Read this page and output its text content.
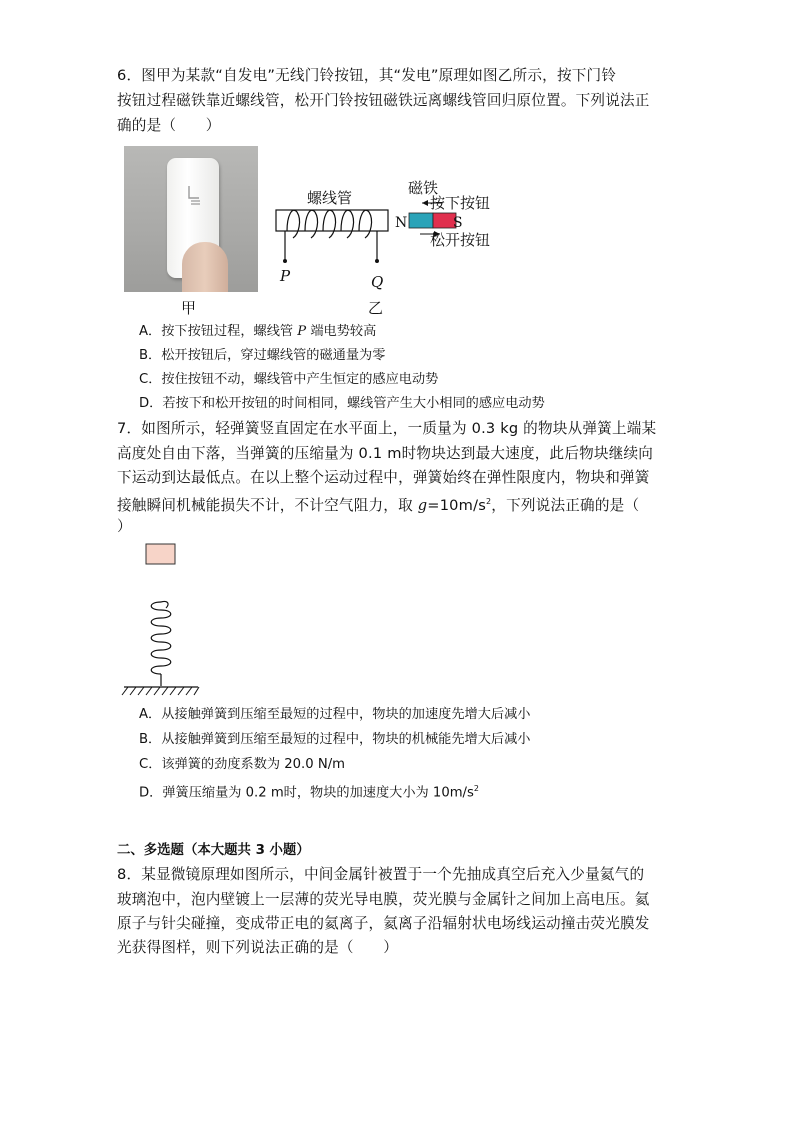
6．图甲为某款“自发电”无线门铃按钮，其“发电”原理如图乙所示，按下门铃
按钮过程磁铁靠近螺线管，松开门铃按钮磁铁远离螺线管回归原位置。下列说法正
确的是（　　）
甲
螺线管
磁铁
P	Q
N	S
按下按钮
松开按钮
乙
A．按下按钮过程，螺线管 P 端电势较高
B．松开按钮后，穿过螺线管的磁通量为零
C．按住按钮不动，螺线管中产生恒定的感应电动势
D．若按下和松开按钮的时间相同，螺线管产生大小相同的感应电动势
7．如图所示，轻弹簧竖直固定在水平面上，一质量为 0.3 kg 的物块从弹簧上端某
高度处自由下落，当弹簧的压缩量为 0.1 m时物块达到最大速度，此后物块继续向
下运动到达最低点。在以上整个运动过程中，弹簧始终在弹性限度内，物块和弹簧
接触瞬间机械能损失不计，不计空气阻力，取 $g=10m/s^2$，下列说法正确的是（
）
A．从接触弹簧到压缩至最短的过程中，物块的加速度先增大后减小
B．从接触弹簧到压缩至最短的过程中，物块的机械能先增大后减小
C．该弹簧的劲度系数为 20.0 N/m
D．弹簧压缩量为 0.2 m时，物块的加速度大小为 $10m/s^2$
二、多选题（本大题共 3 小题）
8．某显微镜原理如图所示，中间金属针被置于一个先抽成真空后充入少量氦气的
玻璃泡中，泡内壁镀上一层薄的荧光导电膜，荧光膜与金属针之间加上高电压。氦
原子与针尖碰撞，变成带正电的氦离子，氦离子沿辐射状电场线运动撞击荧光膜发
光获得图样，则下列说法正确的是（　　）
